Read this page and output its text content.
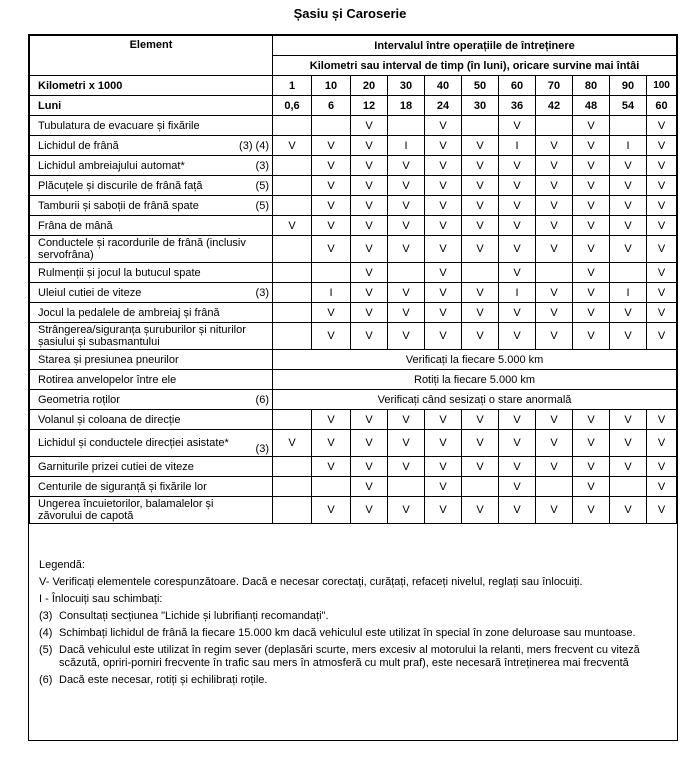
Șasiu și Caroserie
Element	Intervalul între operațiile de întreținere										
	Kilometri sau interval de timp (în luni), oricare survine mai întâi										
Kilometri x 1000	1	10	20	30	40	50	60	70	80	90	100
Luni	0,6	6	12	18	24	30	36	42	48	54	60

Tubulatura de evacuare și fixările			V		V		V		V		V

(3) (4)
Lichidul de frână	V	V	V	I	V	V	I	V	V	I	V

(3)
Lichidul ambreiajului automat*		V	V	V	V	V	V	V	V	V	V

(5)
Plăcuțele și discurile de frână față		V	V	V	V	V	V	V	V	V	V

(5)
Tamburii și saboții de frână spate		V	V	V	V	V	V	V	V	V	V

Frâna de mână	V	V	V	V	V	V	V	V	V	V	V

Conductele și racordurile de frână (inclusiv servofrâna)		V	V	V	V	V	V	V	V	V	V

Rulmenții și jocul la butucul spate			V		V		V		V		V

(3)
Uleiul cutiei de viteze		I	V	V	V	V	I	V	V	I	V

Jocul la pedalele de ambreiaj și frână		V	V	V	V	V	V	V	V	V	V

Strângerea/siguranța șuruburilor și niturilor șasiului și subasmantului		V	V	V	V	V	V	V	V	V	V

Starea și presiunea pneurilor	Verificați la fiecare 5.000 km										

Rotirea anvelopelor între ele	Rotiți la fiecare 5.000 km										

(6)
Geometria roților	Verificați când sesizați o stare anormală										

Volanul și coloana de direcție		V	V	V	V	V	V	V	V	V	V

(3)
Lichidul și conductele direcției asistate*	V	V	V	V	V	V	V	V	V	V	V

Garniturile prizei cutiei de viteze		V	V	V	V	V	V	V	V	V	V

Centurile de siguranță și fixările lor			V		V		V		V		V

Ungerea încuietorilor, balamalelor și zăvorului de capotă		V	V	V	V	V	V	V	V	V	V

Legendă:

V- Verificați elementele corespunzătoare. Dacă e necesar corectați, curățați, refaceți nivelul, reglați sau înlocuiți.

I - Înlocuiți sau schimbați:

(3) Consultați secțiunea "Lichide și lubrifianți recomandați".
(4) Schimbați lichidul de frână la fiecare 15.000 km dacă vehiculul este utilizat în special în zone deluroase sau muntoase.
(5) Dacă vehiculul este utilizat în regim sever (deplasări scurte, mers excesiv al motorului la relanti, mers frecvent cu viteză scăzută, opriri-porniri frecvente în trafic sau mers în atmosferă cu mult praf), este necesară întreținerea mai frecventă
(6) Dacă este necesar, rotiți și echilibrați roțile.
